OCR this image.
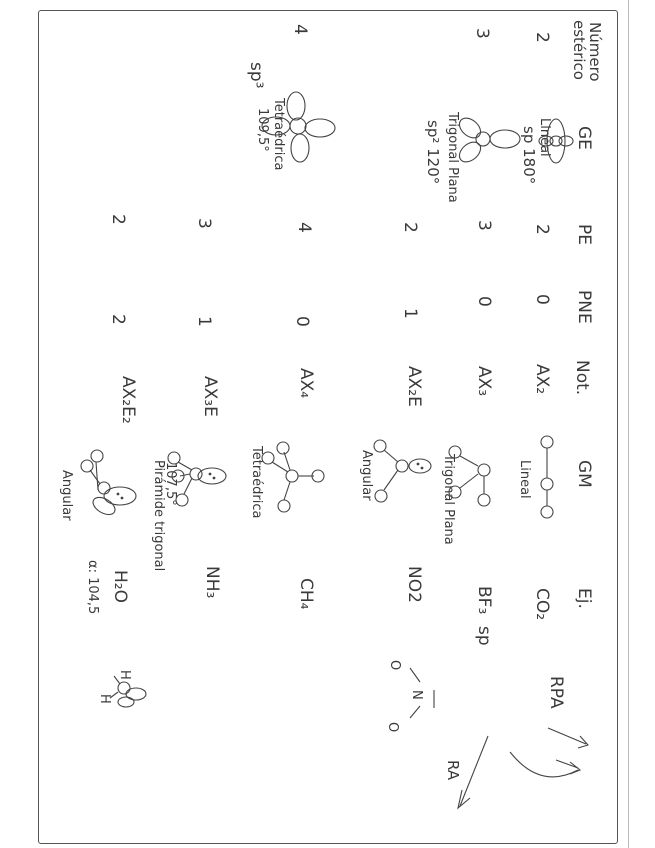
Número
estérico
GE
PE
PNE
Not.
GM
Ej.
2
Lineal
sp 180°
2
0
AX₂
Lineal
CO₂
3
Trigonal Plana
sp² 120°
3
0
AX₃
Trigonal Plana
BF₃
sp
2
1
AX₂E
Angular
NO2
4
Tetraédrica
109,5°
sp³
4
0
AX₄
Tetraédrica
CH₄
3
1
AX₃E
Pirámide trigonal
107,5°
NH₃
2
2
AX₂E₂
Angular
H₂O
α: 104,5
RPA
RA
O
N
O
H
H
